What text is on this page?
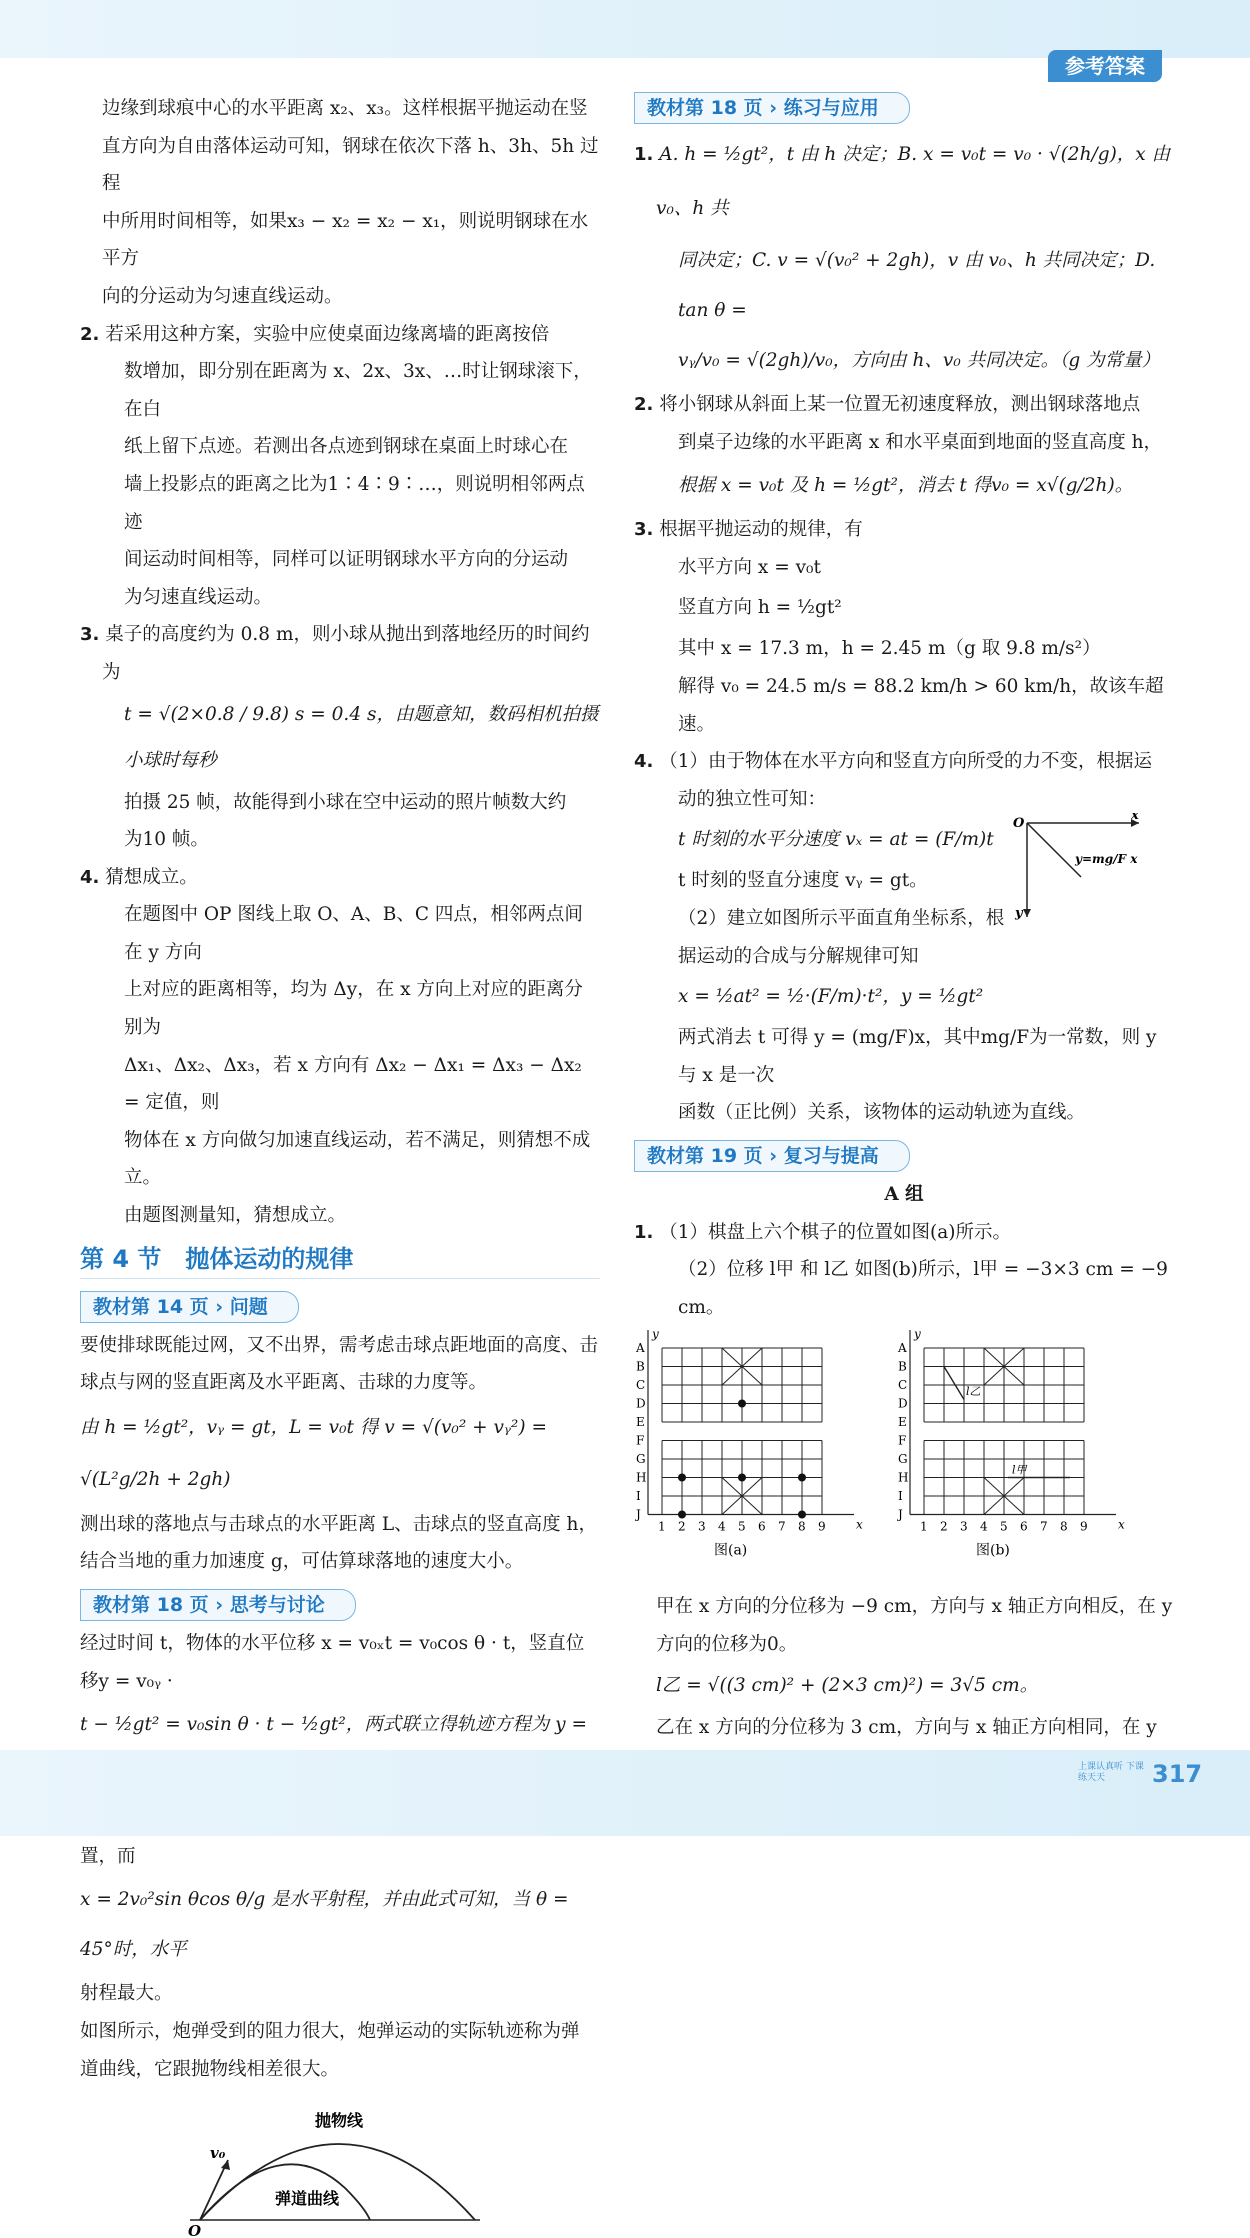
参考答案

边缘到球痕中心的水平距离 x₂、x₃。这样根据平抛运动在竖

直方向为自由落体运动可知，钢球在依次下落 h、3h、5h 过程

中所用时间相等，如果x₃ − x₂ = x₂ − x₁，则说明钢球在水平方

向的分运动为匀速直线运动。

2. 若采用这种方案，实验中应使桌面边缘离墙的距离按倍

数增加，即分别在距离为 x、2x、3x、…时让钢球滚下，在白

纸上留下点迹。若测出各点迹到钢球在桌面上时球心在

墙上投影点的距离之比为1∶4∶9∶…，则说明相邻两点迹

间运动时间相等，同样可以证明钢球水平方向的分运动

为匀速直线运动。

3. 桌子的高度约为 0.8 m，则小球从抛出到落地经历的时间约为

t = √(2×0.8 / 9.8) s = 0.4 s，由题意知，数码相机拍摄小球时每秒

拍摄 25 帧，故能得到小球在空中运动的照片帧数大约

为10 帧。

4. 猜想成立。

在题图中 OP 图线上取 O、A、B、C 四点，相邻两点间在 y 方向

上对应的距离相等，均为 Δy，在 x 方向上对应的距离分别为

Δx₁、Δx₂、Δx₃，若 x 方向有 Δx₂ − Δx₁ = Δx₃ − Δx₂ = 定值，则

物体在 x 方向做匀加速直线运动，若不满足，则猜想不成立。

由题图测量知，猜想成立。

第 4 节　抛体运动的规律
教材第 14 页 › 问题

要使排球既能过网，又不出界，需考虑击球点距地面的高度、击

球点与网的竖直距离及水平距离、击球的力度等。

由 h = ½gt²，vᵧ = gt，L = v₀t 得 v = √(v₀² + vᵧ²) = √(L²g/2h + 2gh)

测出球的落地点与击球点的水平距离 L、击球点的竖直高度 h，

结合当地的重力加速度 g，可估算球落地的速度大小。

教材第 18 页 › 思考与讨论

经过时间 t，物体的水平位移 x = v₀ₓt = v₀cos θ · t，竖直位移y = v₀ᵧ ·

t − ½gt² = v₀sin θ · t − ½gt²，两式联立得轨迹方程为 y =

置，而

x = 2v₀²sin θcos θ/g 是水平射程，并由此式可知，当 θ = 45°时，水平

射程最大。

如图所示，炮弹受到的阻力很大，炮弹运动的实际轨迹称为弹

道曲线，它跟抛物线相差很大。

v₀
抛物线
弹道曲线
O
教材第 18 页 › 练习与应用

1. A. h = ½gt²，t 由 h 决定；B. x = v₀t = v₀ · √(2h/g)，x 由 v₀、h 共

同决定；C. v = √(v₀² + 2gh)，v 由 v₀、h 共同决定；D. tan θ =

vᵧ/v₀ = √(2gh)/v₀，方向由 h、v₀ 共同决定。（g 为常量）

2. 将小钢球从斜面上某一位置无初速度释放，测出钢球落地点

到桌子边缘的水平距离 x 和水平桌面到地面的竖直高度 h，

根据 x = v₀t 及 h = ½gt²，消去 t 得v₀ = x√(g/2h)。

3. 根据平抛运动的规律，有

水平方向 x = v₀t

竖直方向 h = ½gt²

其中 x = 17.3 m，h = 2.45 m（g 取 9.8 m/s²）

解得 v₀ = 24.5 m/s = 88.2 km/h > 60 km/h，故该车超速。

4. （1）由于物体在水平方向和竖直方向所受的力不变，根据运

动的独立性可知：

t 时刻的水平分速度 vₓ = at = (F/m)t

t 时刻的竖直分速度 vᵧ = gt。

（2）建立如图所示平面直角坐标系，根

据运动的合成与分解规律可知

x = ½at² = ½·(F/m)·t²，y = ½gt²

两式消去 t 可得 y = (mg/F)x，其中mg/F为一常数，则 y 与 x 是一次

函数（正比例）关系，该物体的运动轨迹为直线。

O
x
y
y=mg/F x
教材第 19 页 › 复习与提高

A 组

1. （1）棋盘上六个棋子的位置如图(a)所示。

（2）位移 l甲 和 l乙 如图(b)所示，l甲 = −3×3 cm = −9 cm。

y
x
A
B
C
D
E
F
G
H
I
J
1 2 3 4 5 6 7 8 9
图(a)
y
x
A
B
C
D
E
F
G
H
I
J
1 2 3 4 5 6 7 8 9
l乙
l甲
图(b)

甲在 x 方向的分位移为 −9 cm，方向与 x 轴正方向相反，在 y

方向的位移为0。

l乙 = √((3 cm)² + (2×3 cm)²) = 3√5 cm。

乙在 x 方向的分位移为 3 cm，方向与 x 轴正方向相同，在 y

上课认真听 下课练天天	317
